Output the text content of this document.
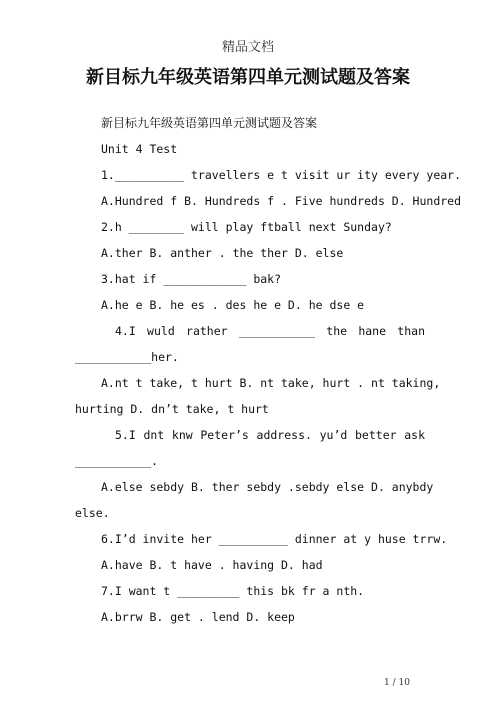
精品文档
新目标九年级英语第四单元测试题及答案
新目标九年级英语第四单元测试题及答案
Unit 4 Test
1.__________ travellers e t visit ur ity every year.
A.Hundred f B. Hundreds f . Five hundreds D. Hundred
2.h ________ will play ftball next Sunday?
A.ther B. anther . the ther D. else
3.hat if ____________ bak?
A.he e B. he es . des he e D. he dse e
4.I wuld rather ___________ the hane than
___________her.
A.nt t take, t hurt B. nt take, hurt . nt taking,
hurting D. dn’t take, t hurt
5.I dnt knw Peter’s address. yu’d better ask
___________.
A.else sebdy B. ther sebdy .sebdy else D. anybdy
else.
6.I’d invite her __________ dinner at y huse trrw.
A.have B. t have . having D. had
7.I want t _________ this bk fr a nth.
A.brrw B. get . lend D. keep
1 / 10
